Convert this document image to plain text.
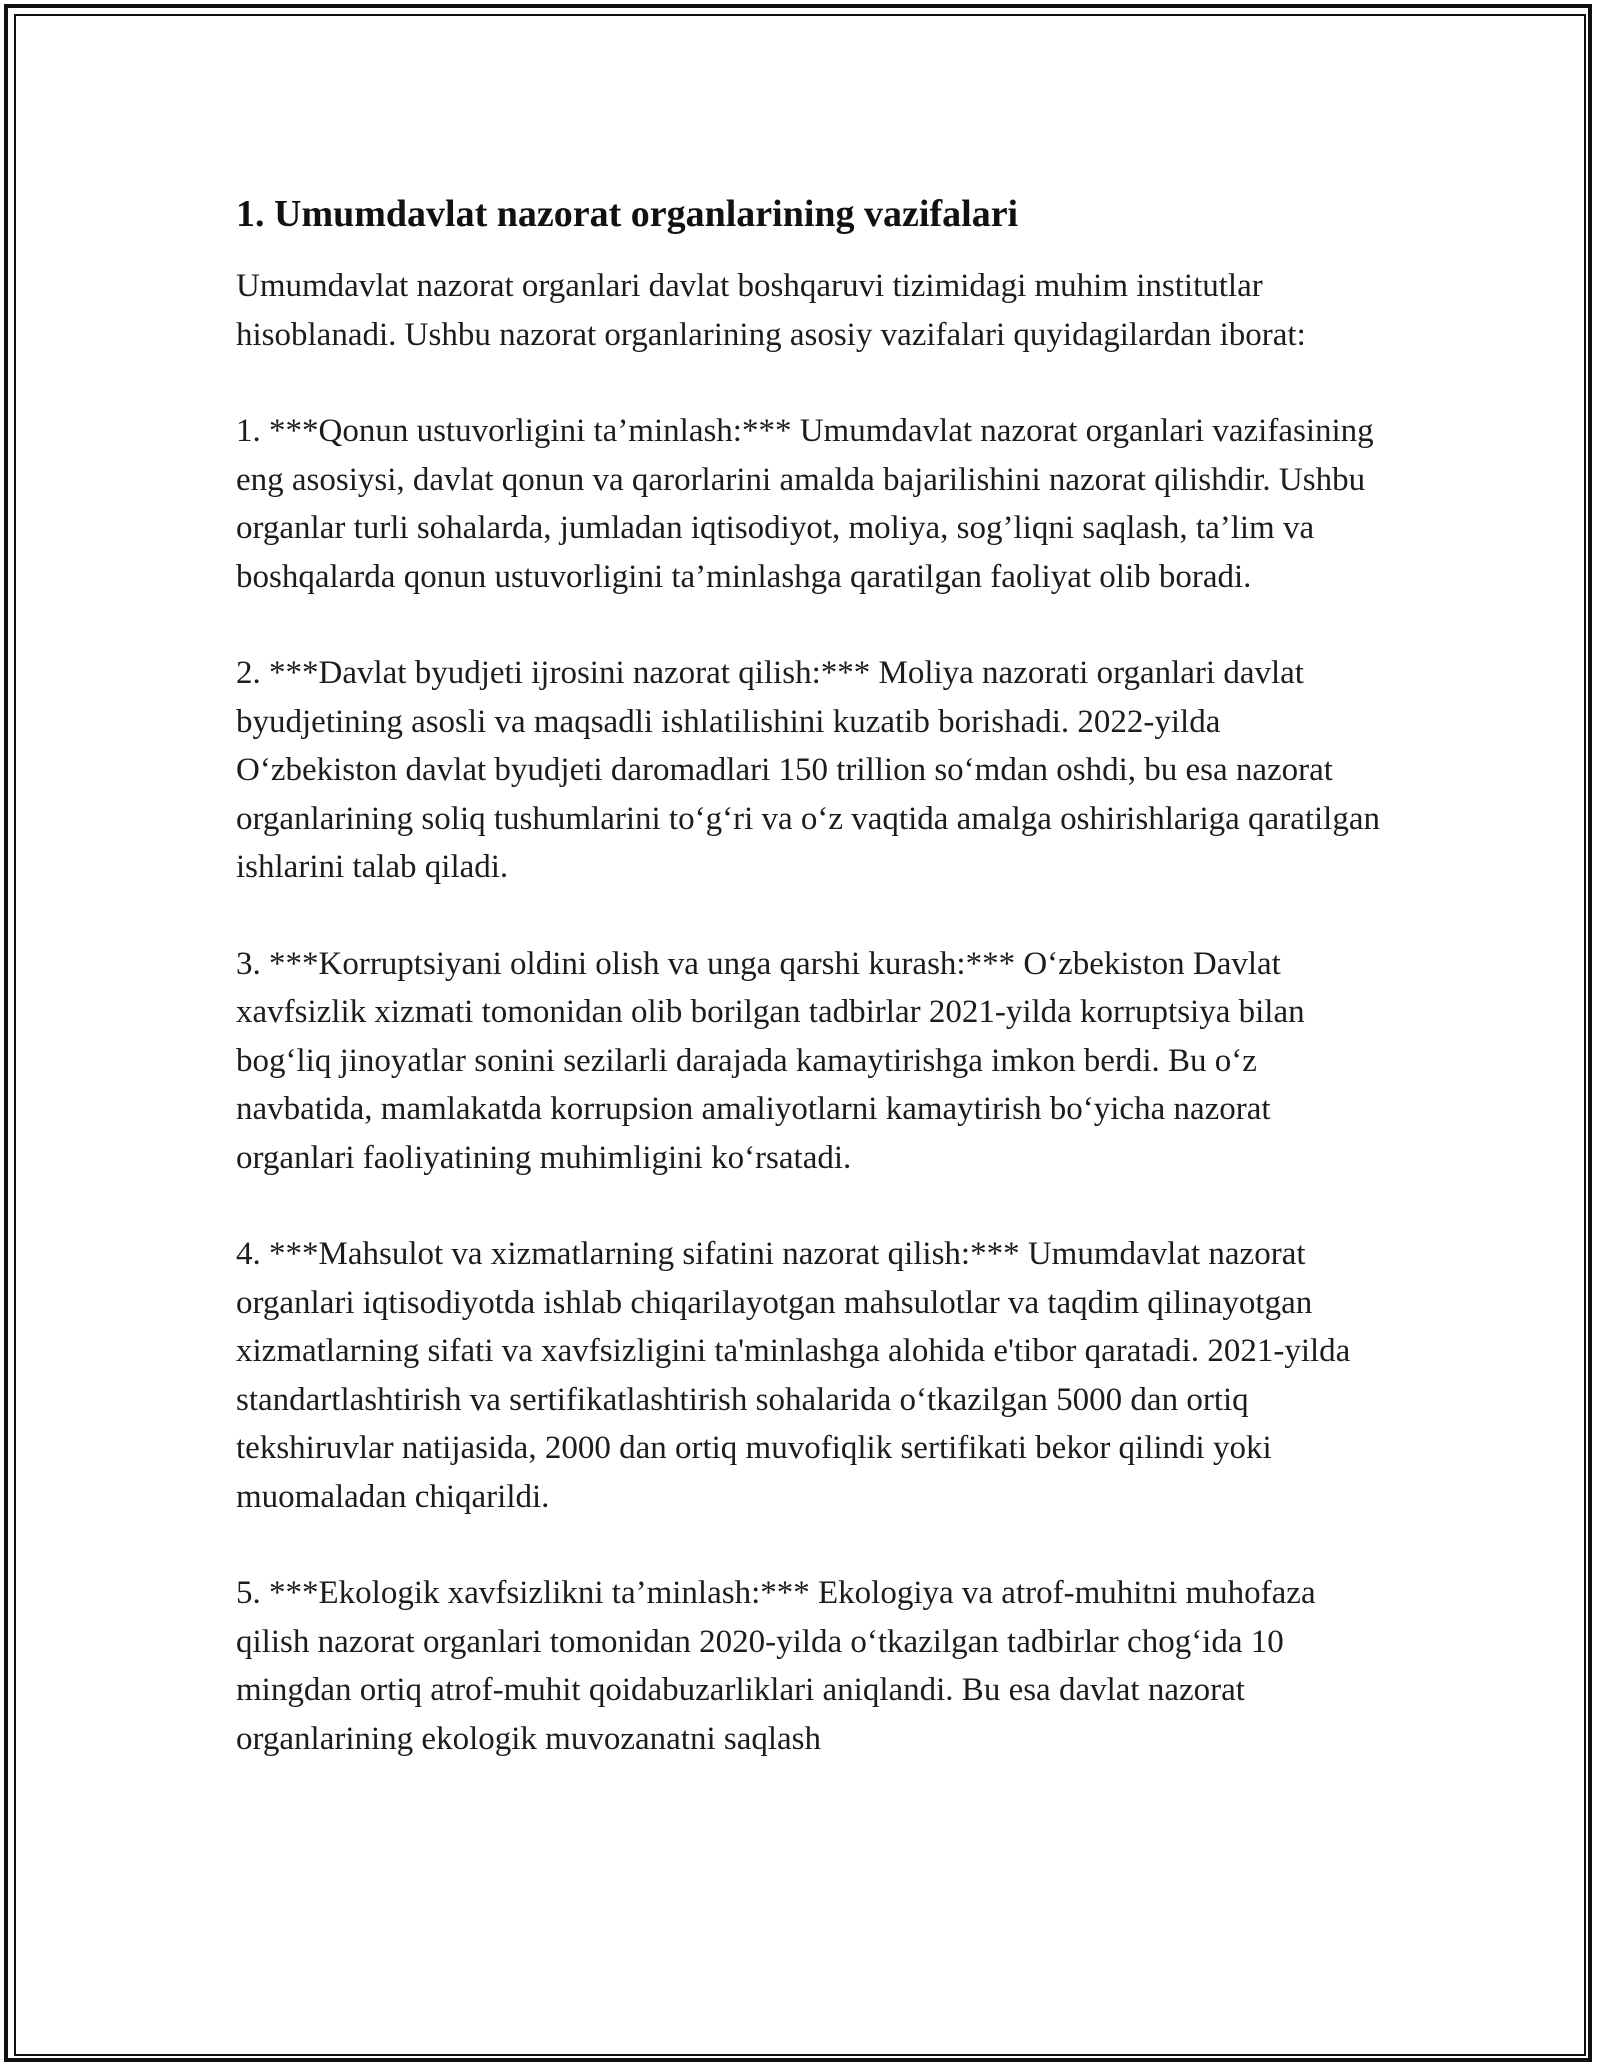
1. Umumdavlat nazorat organlarining vazifalari

Umumdavlat nazorat organlari davlat boshqaruvi tizimidagi muhim institutlar hisoblanadi. Ushbu nazorat organlarining asosiy vazifalari quyidagilardan iborat:

1. ***Qonun ustuvorligini ta’minlash:*** Umumdavlat nazorat organlari vazifasining eng asosiysi, davlat qonun va qarorlarini amalda bajarilishini nazorat qilishdir. Ushbu organlar turli sohalarda, jumladan iqtisodiyot, moliya, sog’liqni saqlash, ta’lim va boshqalarda qonun ustuvorligini ta’minlashga qaratilgan faoliyat olib boradi.

2. ***Davlat byudjeti ijrosini nazorat qilish:*** Moliya nazorati organlari davlat byudjetining asosli va maqsadli ishlatilishini kuzatib borishadi. 2022-yilda O‘zbekiston davlat byudjeti daromadlari 150 trillion so‘mdan oshdi, bu esa nazorat organlarining soliq tushumlarini to‘g‘ri va o‘z vaqtida amalga oshirishlariga qaratilgan ishlarini talab qiladi.

3. ***Korruptsiyani oldini olish va unga qarshi kurash:*** O‘zbekiston Davlat xavfsizlik xizmati tomonidan olib borilgan tadbirlar 2021-yilda korruptsiya bilan bog‘liq jinoyatlar sonini sezilarli darajada kamaytirishga imkon berdi. Bu o‘z navbatida, mamlakatda korrupsion amaliyotlarni kamaytirish bo‘yicha nazorat organlari faoliyatining muhimligini ko‘rsatadi.

4. ***Mahsulot va xizmatlarning sifatini nazorat qilish:*** Umumdavlat nazorat organlari iqtisodiyotda ishlab chiqarilayotgan mahsulotlar va taqdim qilinayotgan xizmatlarning sifati va xavfsizligini ta'minlashga alohida e'tibor qaratadi. 2021-yilda standartlashtirish va sertifikatlashtirish sohalarida o‘tkazilgan 5000 dan ortiq tekshiruvlar natijasida, 2000 dan ortiq muvofiqlik sertifikati bekor qilindi yoki muomaladan chiqarildi.

5. ***Ekologik xavfsizlikni ta’minlash:*** Ekologiya va atrof-muhitni muhofaza qilish nazorat organlari tomonidan 2020-yilda o‘tkazilgan tadbirlar chog‘ida 10 mingdan ortiq atrof-muhit qoidabuzarliklari aniqlandi. Bu esa davlat nazorat organlarining ekologik muvozanatni saqlash
